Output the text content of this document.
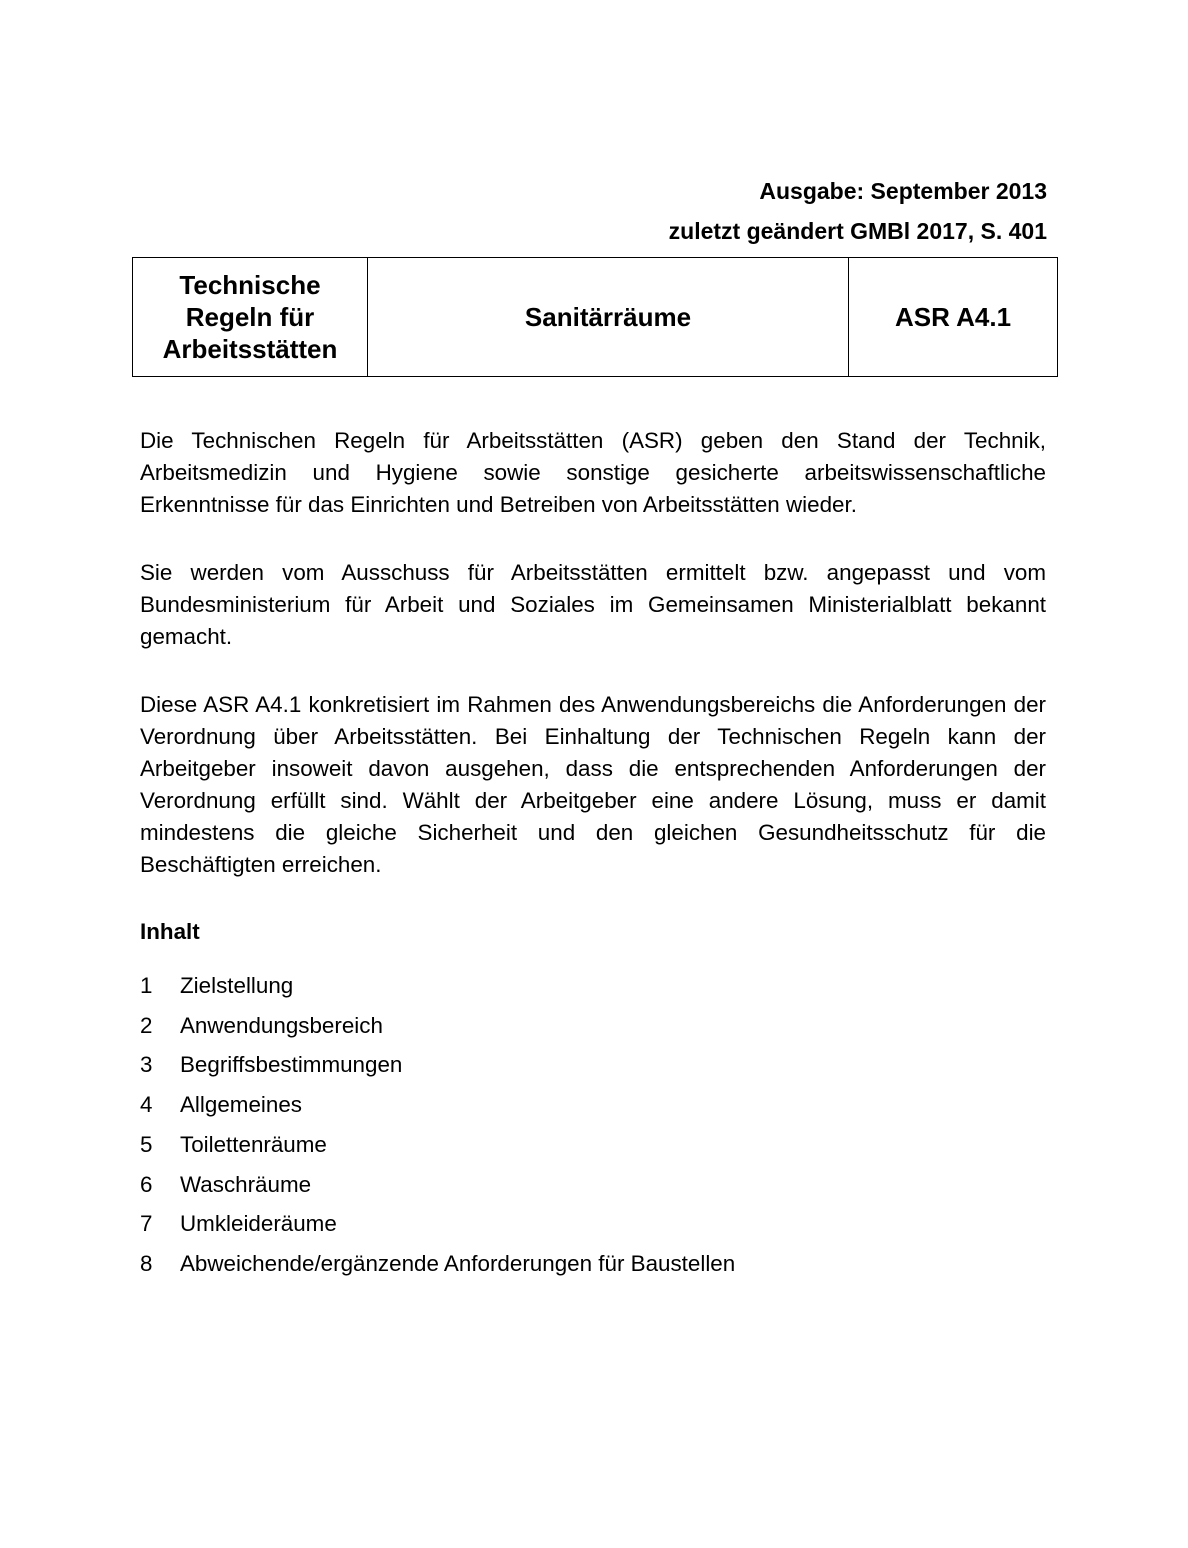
Ausgabe: September 2013
zuletzt geändert GMBl 2017, S. 401
Technische
Regeln für
Arbeitsstätten
Sanitärräume	ASR A4.1

Die Technischen Regeln für Arbeitsstätten (ASR) geben den Stand der Technik, Arbeitsmedizin und Hygiene sowie sonstige gesicherte arbeitswissenschaftliche Erkenntnisse für das Einrichten und Betreiben von Arbeitsstätten wieder.

Sie werden vom Ausschuss für Arbeitsstätten ermittelt bzw. angepasst und vom Bundesministerium für Arbeit und Soziales im Gemeinsamen Ministerialblatt bekannt gemacht.

Diese ASR A4.1 konkretisiert im Rahmen des Anwendungsbereichs die Anforderungen der Verordnung über Arbeitsstätten. Bei Einhaltung der Technischen Regeln kann der Arbeitgeber insoweit davon ausgehen, dass die entsprechenden Anforderungen der Verordnung erfüllt sind. Wählt der Arbeitgeber eine andere Lösung, muss er damit mindestens die gleiche Sicherheit und den gleichen Gesundheitsschutz für die Beschäftigten erreichen.

Inhalt
1	Zielstellung
2	Anwendungsbereich
3	Begriffsbestimmungen
4	Allgemeines
5	Toilettenräume
6	Waschräume
7	Umkleideräume
8	Abweichende/ergänzende Anforderungen für Baustellen
